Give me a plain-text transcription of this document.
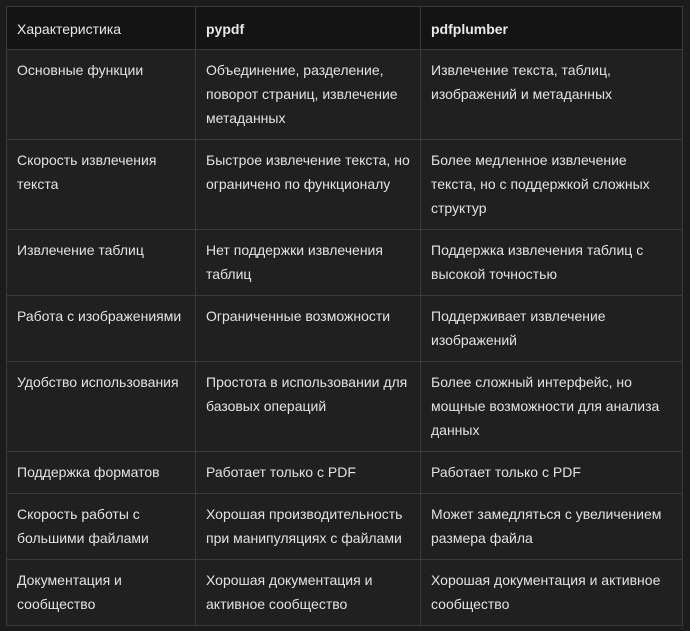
Характеристика	pypdf	pdfplumber
Основные функции	Объединение, разделение, поворот страниц, извлечение метаданных	Извлечение текста, таблиц, изображений и метаданных
Скорость извлечения текста	Быстрое извлечение текста, но ограничено по функционалу	Более медленное извлечение текста, но с поддержкой сложных структур
Извлечение таблиц	Нет поддержки извлечения таблиц	Поддержка извлечения таблиц с высокой точностью
Работа с изображениями	Ограниченные возможности	Поддерживает извлечение изображений
Удобство использования	Простота в использовании для базовых операций	Более сложный интерфейс, но мощные возможности для анализа данных
Поддержка форматов	Работает только с PDF	Работает только с PDF
Скорость работы с большими файлами	Хорошая производительность при манипуляциях с файлами	Может замедляться с увеличением размера файла
Документация и сообщество	Хорошая документация и активное сообщество	Хорошая документация и активное сообщество
